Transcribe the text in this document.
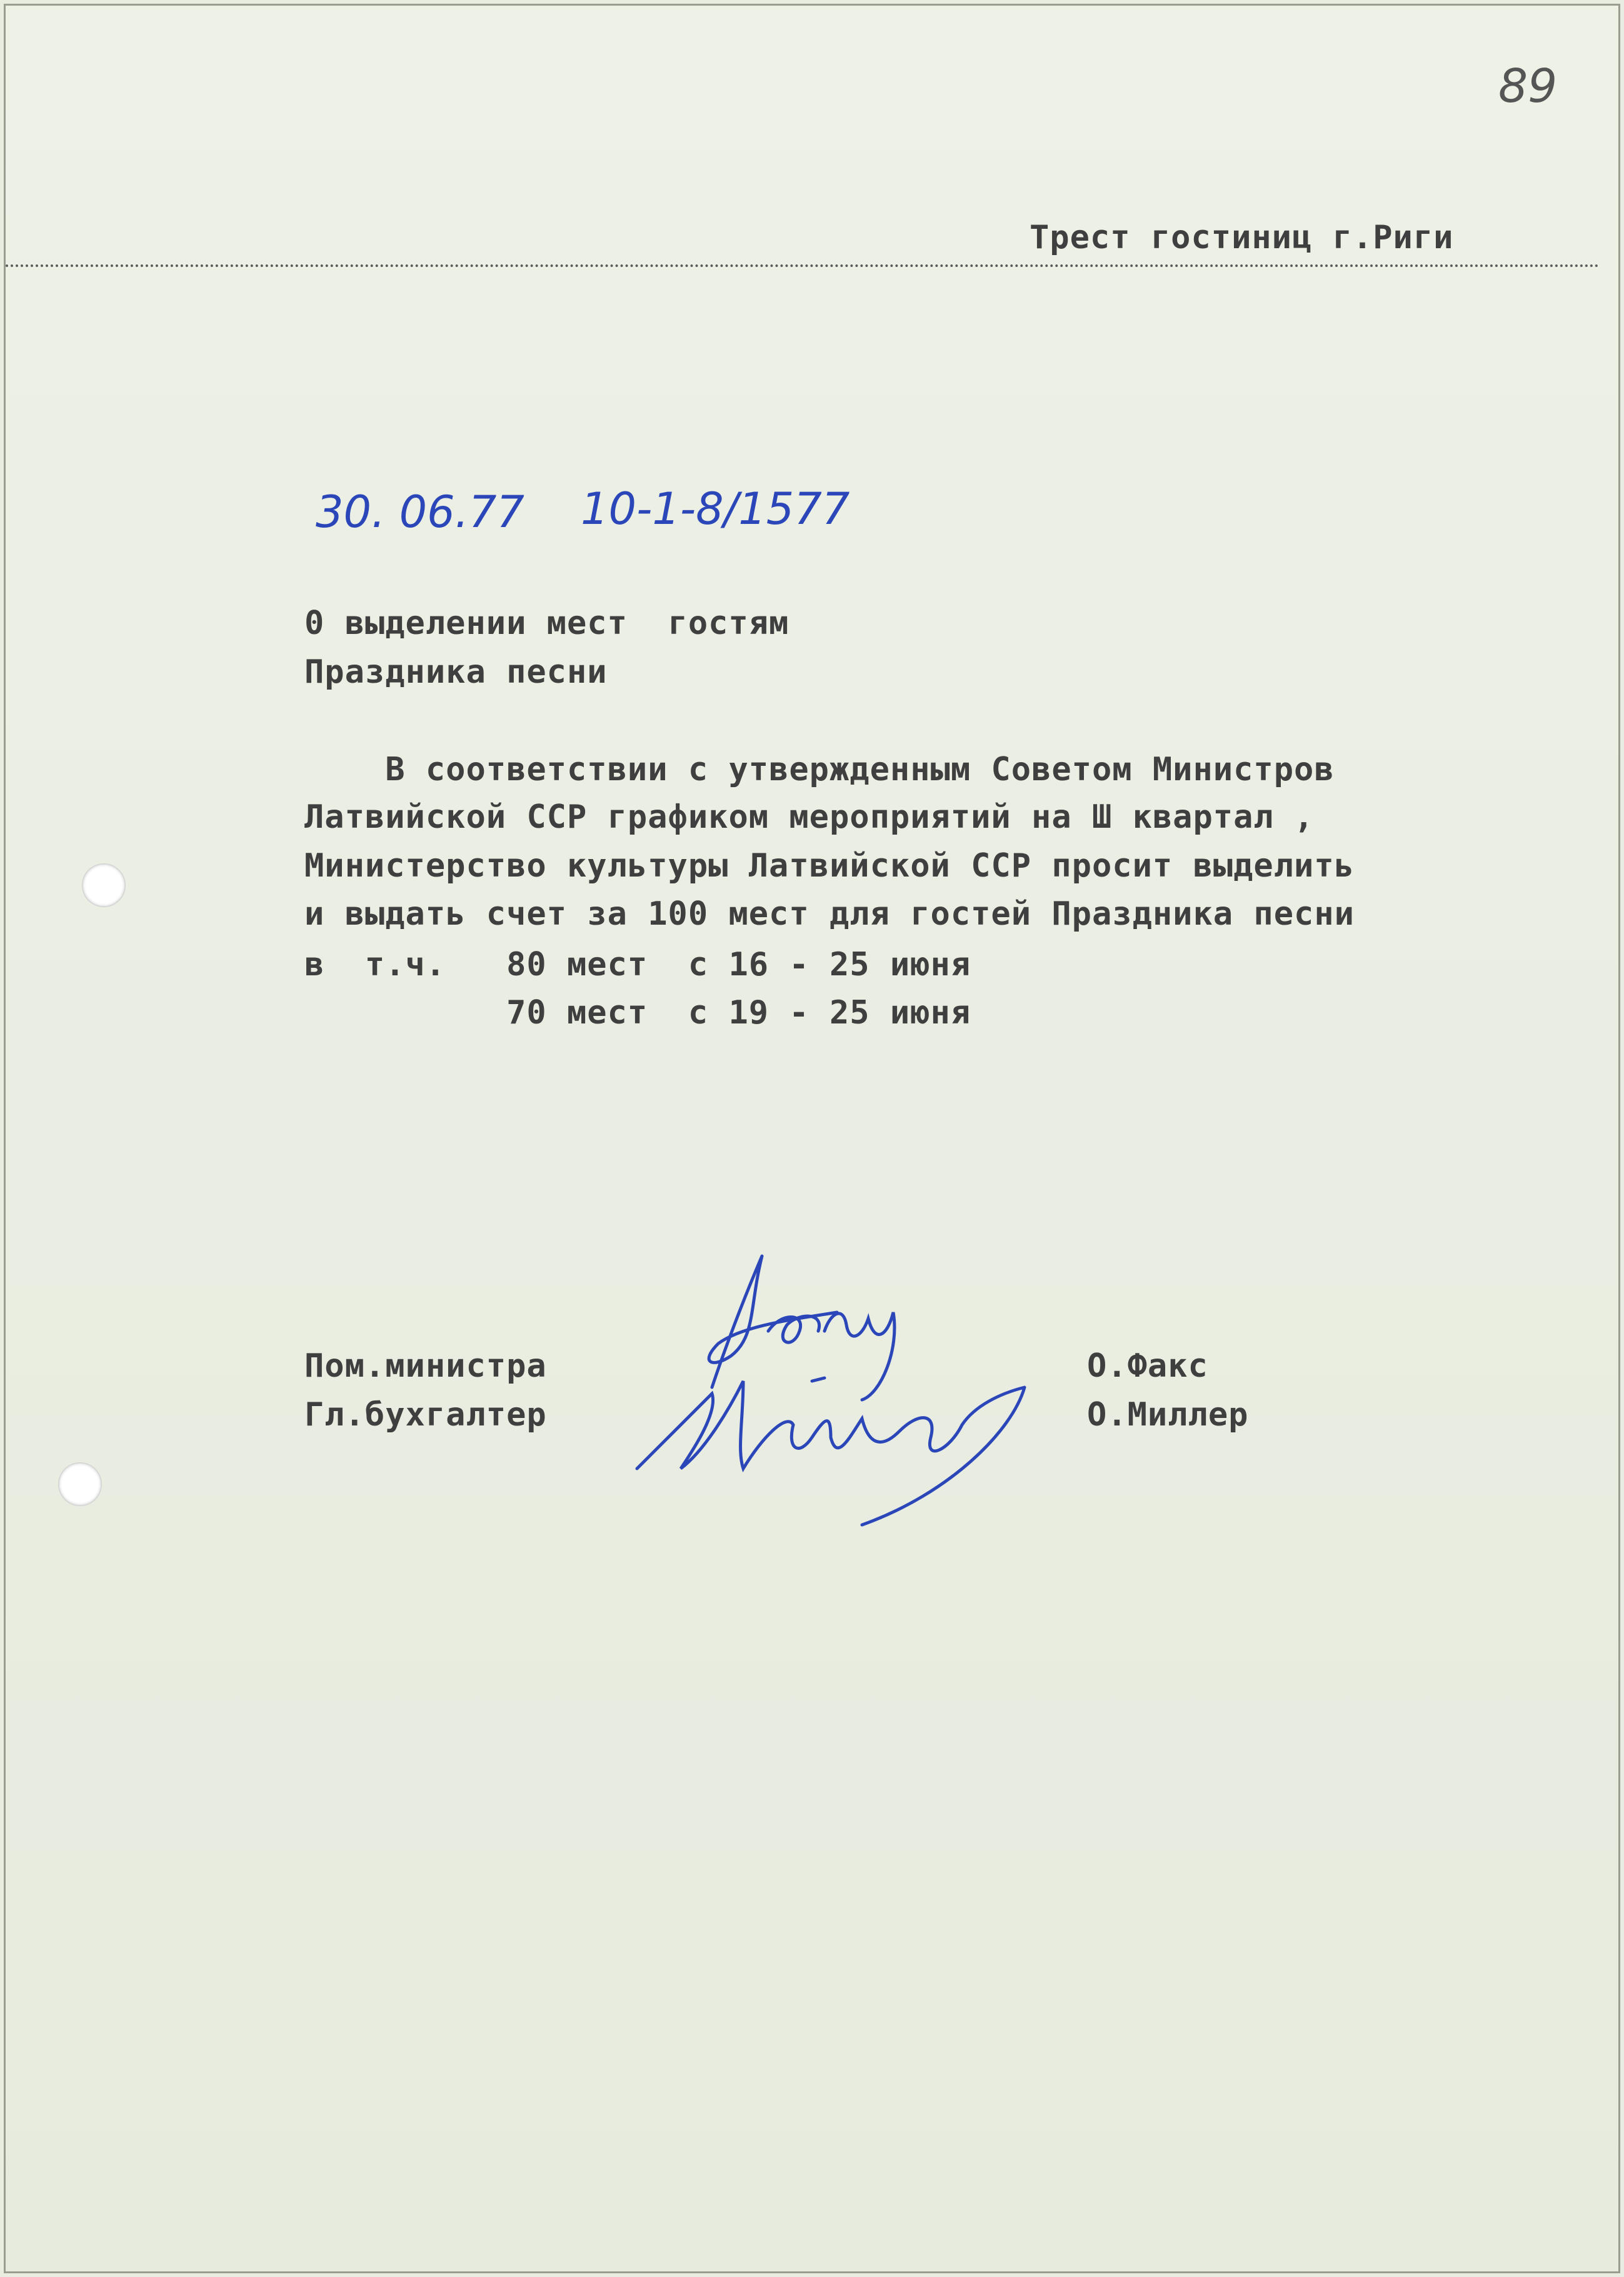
89
Трест гостиниц г.Риги
30. 06.77 10-1-8/1577
0 выделении мест  гостям
Праздника песни
В соответствии с утвержденным Советом Министров
Латвийской ССР графиком мероприятий на Ш квартал ,
Министерство культуры Латвийской ССР просит выделить
и выдать счет за 100 мест для гостей Праздника песни
в  т.ч.   80 мест  с 16 - 25 июня
70 мест  с 19 - 25 июня
Пом.министра
Гл.бухгалтер
О.Факс
О.Миллер
